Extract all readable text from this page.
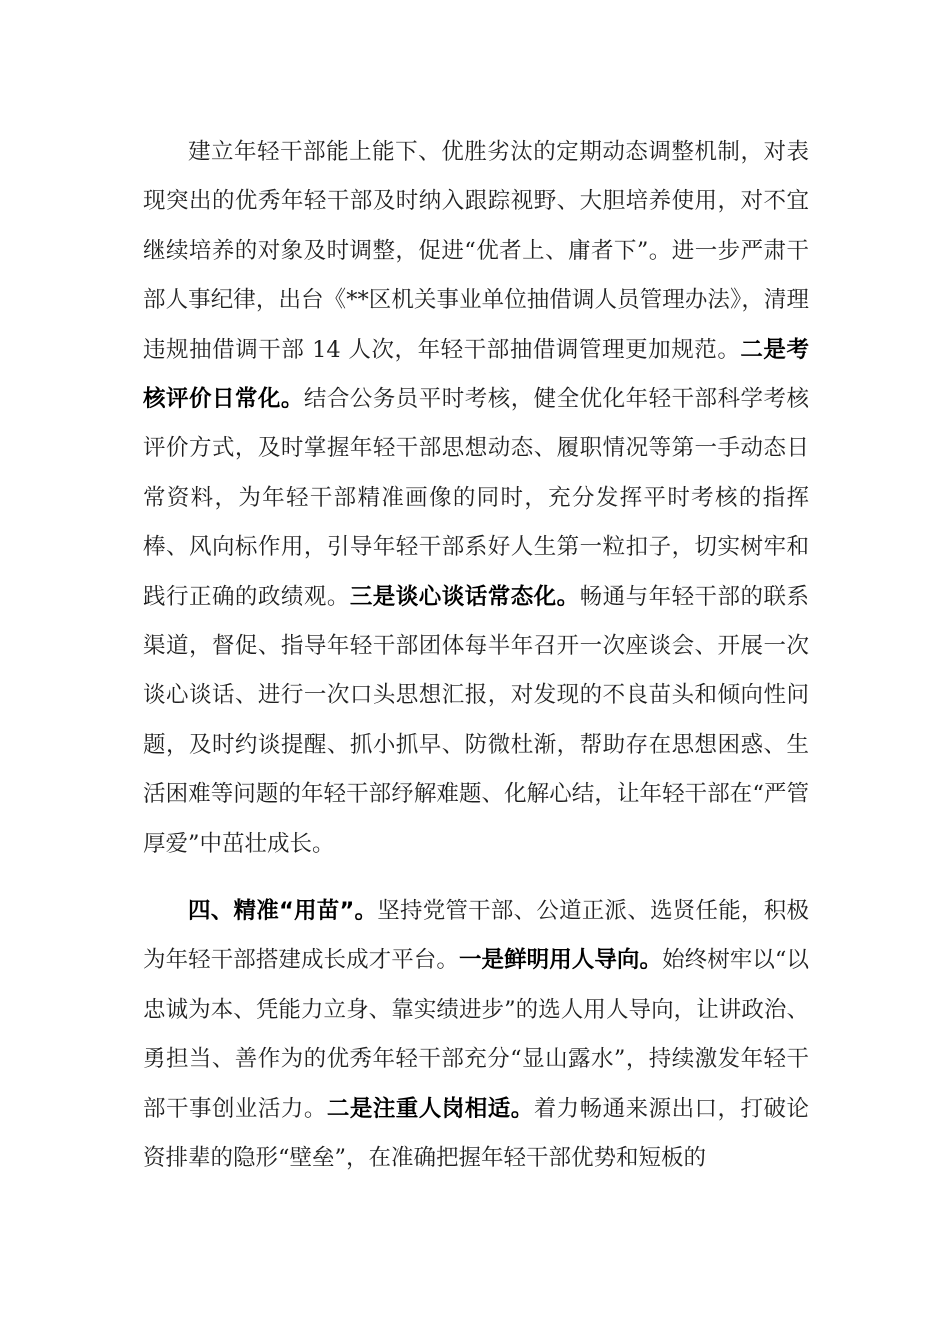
建立年轻干部能上能下、优胜劣汰的定期动态调整机制，对表现突出的优秀年轻干部及时纳入跟踪视野、大胆培养使用，对不宜继续培养的对象及时调整，促进“优者上、庸者下”。进一步严肃干部人事纪律，出台《**区机关事业单位抽借调人员管理办法》，清理违规抽借调干部 14 人次，年轻干部抽借调管理更加规范。二是考核评价日常化。结合公务员平时考核，健全优化年轻干部科学考核评价方式，及时掌握年轻干部思想动态、履职情况等第一手动态日常资料，为年轻干部精准画像的同时，充分发挥平时考核的指挥棒、风向标作用，引导年轻干部系好人生第一粒扣子，切实树牢和践行正确的政绩观。三是谈心谈话常态化。畅通与年轻干部的联系渠道，督促、指导年轻干部团体每半年召开一次座谈会、开展一次谈心谈话、进行一次口头思想汇报，对发现的不良苗头和倾向性问题，及时约谈提醒、抓小抓早、防微杜渐，帮助存在思想困惑、生活困难等问题的年轻干部纾解难题、化解心结，让年轻干部在“严管厚爱”中茁壮成长。

四、精准“用苗”。坚持党管干部、公道正派、选贤任能，积极为年轻干部搭建成长成才平台。一是鲜明用人导向。始终树牢以“以忠诚为本、凭能力立身、靠实绩进步”的选人用人导向，让讲政治、勇担当、善作为的优秀年轻干部充分“显山露水”，持续激发年轻干部干事创业活力。二是注重人岗相适。着力畅通来源出口，打破论资排辈的隐形“壁垒”，在准确把握年轻干部优势和短板的
